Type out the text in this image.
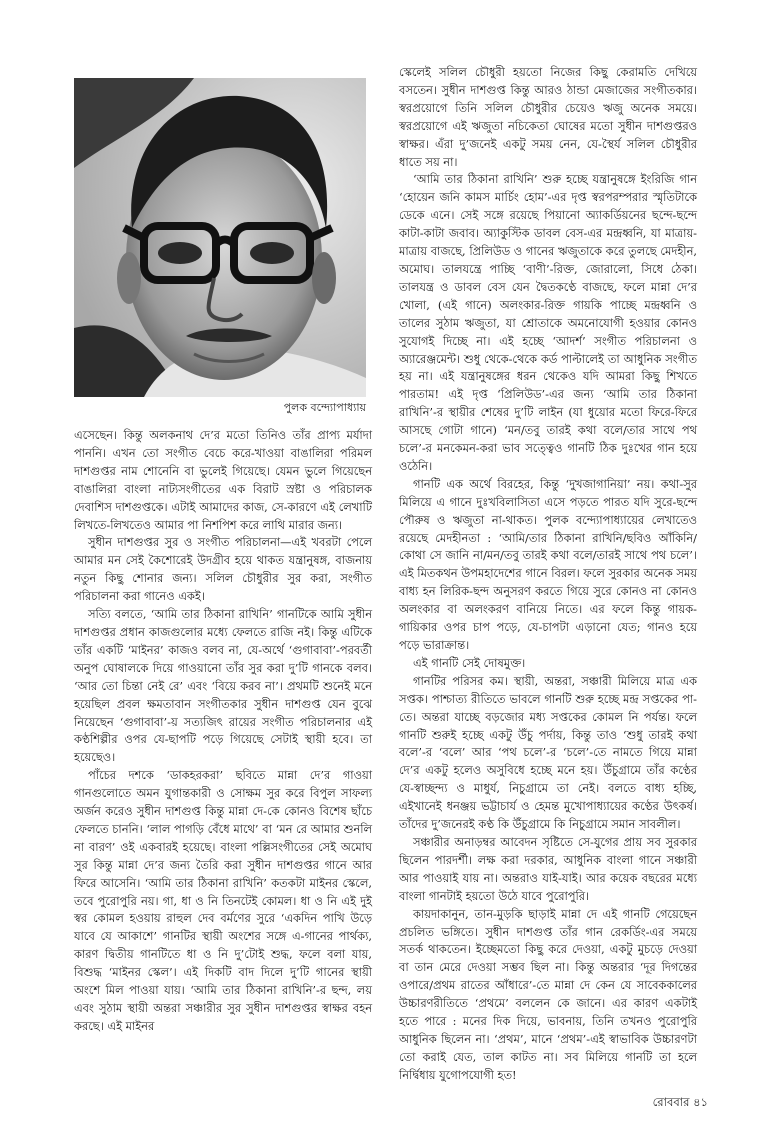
পুলক বন্দ্যোপাধ্যায়

এসেছেন। কিন্তু অলকনাথ দে’র মতো তিনিও তাঁর প্রাপ্য মর্যাদা পাননি। এখন তো সংগীত বেচে করে-খাওয়া বাঙালিরা পরিমল দাশগুপ্তর নাম শোনেনি বা ভুলেই গিয়েছে। যেমন ভুলে গিয়েছেন বাঙালিরা বাংলা নাট্যসংগীতের এক বিরাট স্রষ্টা ও পরিচালক দেবাশিস দাশগুপ্তকে। এটাই আমাদের কাজ, সে-কারণে এই লেখাটি লিখতে-লিখতেও আমার পা নিশপিশ করে লাথি মারার জন্য।

সুধীন দাশগুপ্তর সুর ও সংগীত পরিচালনা—এই খবরটা পেলে আমার মন সেই কৈশোরেই উদগ্রীব হয়ে থাকত যন্ত্রানুষঙ্গ, বাজনায় নতুন কিছু শোনার জন্য। সলিল চৌধুরীর সুর করা, সংগীত পরিচালনা করা গানেও একই।

সত্যি বলতে, ‘আমি তার ঠিকানা রাখিনি’ গানটিকে আমি সুধীন দাশগুপ্তর প্রধান কাজগুলোর মধ্যে ফেলতে রাজি নই। কিন্তু এটিকে তাঁর একটি ‘মাইনর’ কাজও বলব না, যে-অর্থে ‘গুগাবাবা’-পরবর্তী অনুপ ঘোষালকে দিয়ে গাওয়ানো তাঁর সুর করা দু’টি গানকে বলব। ‘আর তো চিন্তা নেই রে’ এবং ‘বিয়ে করব না’। প্রথমটি শুনেই মনে হয়েছিল প্রবল ক্ষমতাবান সংগীতকার সুধীন দাশগুপ্ত যেন বুঝে নিয়েছেন ‘গুগাবাবা’-য় সত্যজিৎ রায়ের সংগীত পরিচালনার এই কণ্ঠশিল্পীর ওপর যে-ছাপটি পড়ে গিয়েছে সেটাই স্থায়ী হবে। তা হয়েছেও।

পাঁচের দশকে ‘ডাকহরকরা’ ছবিতে মান্না দে’র গাওয়া গানগুলোতে অমন যুগান্তকারী ও সোক্ষম সুর করে বিপুল সাফল্য অর্জন করেও সুধীন দাশগুপ্ত কিন্তু মান্না দে-কে কোনও বিশেষ ছাঁচে ফেলতে চাননি। ‘লাল পাগড়ি বেঁধে মাথে’ বা ‘মন রে আমার শুনলি না বারণ’ ওই একবারই হয়েছে। বাংলা পল্লিসংগীতের সেই অমোঘ সুর কিন্তু মান্না দে’র জন্য তৈরি করা সুধীন দাশগুপ্তর গানে আর ফিরে আসেনি। ‘আমি তার ঠিকানা রাখিনি’ কতকটা মাইনর স্কেলে, তবে পুরোপুরি নয়। গা, ধা ও নি তিনটেই কোমল। ধা ও নি এই দুই স্বর কোমল হওয়ায় রাহুল দেব বর্মণের সুরে ‘একদিন পাখি উড়ে যাবে যে আকাশে’ গানটির স্থায়ী অংশের সঙ্গে এ-গানের পার্থক্য, কারণ দ্বিতীয় গানটিতে ধা ও নি দু’টোই শুদ্ধ, ফলে বলা যায়, বিশুদ্ধ ‘মাইনর স্কেল’। এই দিকটি বাদ দিলে দু’টি গানের স্থায়ী অংশে মিল পাওয়া যায়। ‘আমি তার ঠিকানা রাখিনি’-র ছন্দ, লয় এবং সুঠাম স্থায়ী অন্তরা সঞ্চারীর সুর সুধীন দাশগুপ্তর স্বাক্ষর বহন করছে। এই মাইনর

স্কেলেই সলিল চৌধুরী হয়তো নিজের কিছু কেরামতি দেখিয়ে বসতেন। সুধীন দাশগুপ্ত কিন্তু আরও ঠান্ডা মেজাজের সংগীতকার। স্বরপ্রয়োগে তিনি সলিল চৌধুরীর চেয়েও ঋজু অনেক সময়ে। স্বরপ্রয়োগে এই ঋজুতা নচিকেতা ঘোষের মতো সুধীন দাশগুপ্তরও স্বাক্ষর। এঁরা দু’জনেই একটু সময় নেন, যে-স্থৈর্য সলিল চৌধুরীর ধাতে সয় না।

‘আমি তার ঠিকানা রাখিনি’ শুরু হচ্ছে যন্ত্রানুষঙ্গে ইংরিজি গান ‘হোয়েন জনি কামস মার্চিং হোম’-এর দৃপ্ত স্বরপরম্পরার স্মৃতিটাকে ডেকে এনে। সেই সঙ্গে রয়েছে পিয়ানো অ্যাকর্ডিয়নের ছন্দে-ছন্দে কাটা-কাটা জবাব। অ্যাকুস্টিক ডাবল বেস-এর মন্দ্রধ্বনি, যা মাত্রায়-মাত্রায় বাজছে, প্রিলিউড ও গানের ঋজুতাকে করে তুলছে মেদহীন, অমোঘ। তালযন্ত্রে পাচ্ছি ‘বাণী’-রিক্ত, জোরালো, সিধে ঠেকা। তালযন্ত্র ও ডাবল বেস যেন দ্বৈতকণ্ঠে বাজছে, ফলে মান্না দে’র খোলা, (এই গানে) অলংকার-রিক্ত গায়কি পাচ্ছে মন্দ্রধ্বনি ও তালের সুঠাম ঋজুতা, যা শ্রোতাকে অমনোযোগী হওয়ার কোনও সুযোগই দিচ্ছে না। এই হচ্ছে ‘আদর্শ’ সংগীত পরিচালনা ও অ্যারেঞ্জমেন্ট। শুধু থেকে-থেকে কর্ড পাল্টালেই তা আধুনিক সংগীত হয় না। এই যন্ত্রানুষঙ্গের ধরন থেকেও যদি আমরা কিছু শিখতে পারতাম! এই দৃপ্ত ‘প্রিলিউড’-এর জন্য ‘আমি তার ঠিকানা রাখিনি’-র স্থায়ীর শেষের দু’টি লাইন (যা ধুয়োর মতো ফিরে-ফিরে আসছে গোটা গানে) ‘মন/তবু তারই কথা বলে/তার সাথে পথ চলে’-র মনকেমন-করা ভাব সত্ত্বেও গানটি ঠিক দুঃখের গান হয়ে ওঠেনি।

গানটি এক অর্থে বিরহের, কিন্তু ‘দুখজাগানিয়া’ নয়। কথা-সুর মিলিয়ে এ গানে দুঃখবিলাসিতা এসে পড়তে পারত যদি সুরে-ছন্দে পৌরুষ ও ঋজুতা না-থাকত। পুলক বন্দ্যোপাধ্যায়ের লেখাতেও রয়েছে মেদহীনতা : ‘আমি/তার ঠিকানা রাখিনি/ছবিও আঁকিনি/কোথা সে জানি না/মন/তবু তারই কথা বলে/তারই সাথে পথ চলে’। এই মিতকথন উপমহাদেশের গানে বিরল। ফলে সুরকার অনেক সময় বাধ্য হন লিরিক-ছন্দ অনুসরণ করতে গিয়ে সুরে কোনও না কোনও অলংকার বা অলংকরণ বানিয়ে নিতে। এর ফলে কিন্তু গায়ক-গায়িকার ওপর চাপ পড়ে, যে-চাপটা এড়ানো যেত; গানও হয়ে পড়ে ভারাক্রান্ত।

এই গানটি সেই দোষমুক্ত।

গানটির পরিসর কম। স্থায়ী, অন্তরা, সঞ্চারী মিলিয়ে মাত্র এক সপ্তক। পাশ্চাত্য রীতিতে ভাবলে গানটি শুরু হচ্ছে মন্দ্র সপ্তকের পা-তে। অন্তরা যাচ্ছে বড়জোর মধ্য সপ্তকের কোমল নি পর্যন্ত। ফলে গানটি শুরুই হচ্ছে একটু উঁচু পর্দায়, কিন্তু তাও ‘শুধু তারই কথা বলে’-র ‘বলে’ আর ‘পথ চলে’-র ‘চলে’-তে নামতে গিয়ে মান্না দে’র একটু হলেও অসুবিধে হচ্ছে মনে হয়। উঁচুগ্রামে তাঁর কণ্ঠের যে-স্বাচ্ছন্দ্য ও মাধুর্য, নিচুগ্রামে তা নেই। বলতে বাধ্য হচ্ছি, এইখানেই ধনঞ্জয় ভট্টাচার্য ও হেমন্ত মুখোপাধ্যায়ের কণ্ঠের উৎকর্ষ। তাঁদের দু’জনেরই কণ্ঠ কি উঁচুগ্রামে কি নিচুগ্রামে সমান সাবলীল।

সঞ্চারীর অনাড়ম্বর আবেদন সৃষ্টিতে সে-যুগের প্রায় সব সুরকার ছিলেন পারদর্শী। লক্ষ করা দরকার, আধুনিক বাংলা গানে সঞ্চারী আর পাওয়াই যায় না। অন্তরাও যাই-যাই। আর কয়েক বছরের মধ্যে বাংলা গানটাই হয়তো উঠে যাবে পুরোপুরি।

কায়দাকানুন, তান-মুড়কি ছাড়াই মান্না দে এই গানটি গেয়েছেন প্রচলিত ভঙ্গিতে। সুধীন দাশগুপ্ত তাঁর গান রেকর্ডিং-এর সময়ে সতর্ক থাকতেন। ইচ্ছেমতো কিছু করে দেওয়া, একটু মুচড়ে দেওয়া বা তান মেরে দেওয়া সম্ভব ছিল না। কিন্তু অন্তরার ‘দূর দিগন্তের ওপারে/প্রথম রাতের আঁধারে’-তে মান্না দে কেন যে সাবেককালের উচ্চারণরীতিতে ‘প্রথমে’ বললেন কে জানে। এর কারণ একটাই হতে পারে : মনের দিক দিয়ে, ভাবনায়, তিনি তখনও পুরোপুরি আধুনিক ছিলেন না। ‘প্রথম’, মানে ‘প্রথম’-এই স্বাভাবিক উচ্চারণটা তো করাই যেত, তাল কাটত না। সব মিলিয়ে গানটি তা হলে নির্দ্বিধায় যুগোপযোগী হত!

রোববার ৪১
